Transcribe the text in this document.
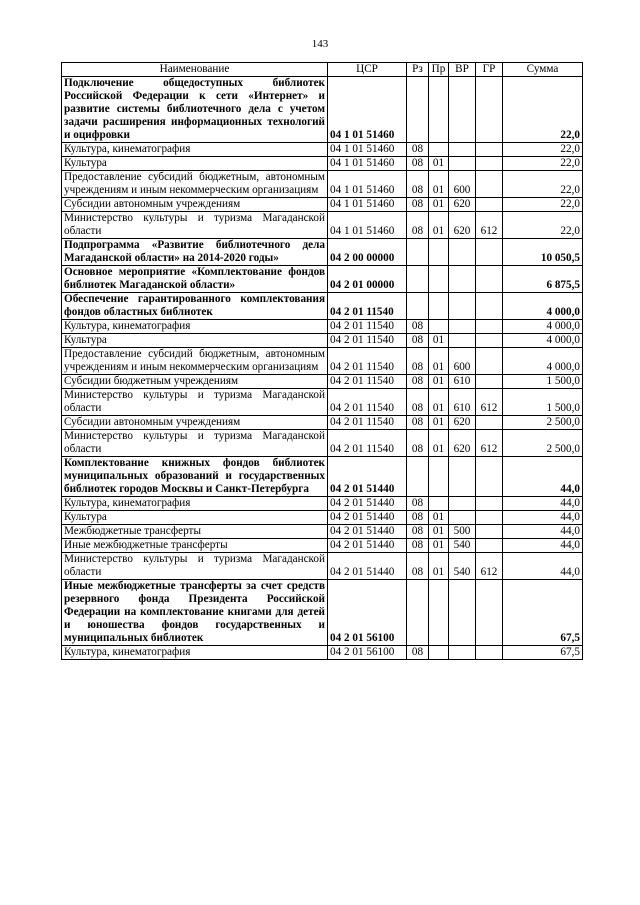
143
Наименование	ЦСР	Рз	Пр	ВР	ГР	Сумма
Подключение общедоступных библиотек Российской Федерации к сети «Интернет» и развитие системы библиотечного дела с учетом задачи расширения информационных технологий и оцифровки	04 1 01 51460					22,0
Культура, кинематография	04 1 01 51460	08				22,0
Культура	04 1 01 51460	08	01			22,0
Предоставление субсидий бюджетным, автономным учреждениям и иным некоммерческим организациям	04 1 01 51460	08	01	600		22,0
Субсидии автономным учреждениям	04 1 01 51460	08	01	620		22,0
Министерство культуры и туризма Магаданской области	04 1 01 51460	08	01	620	612	22,0
Подпрограмма «Развитие библиотечного дела Магаданской области» на 2014-2020 годы»	04 2 00 00000					10 050,5
Основное мероприятие «Комплектование фондов библиотек Магаданской области»	04 2 01 00000					6 875,5
Обеспечение гарантированного комплектования фондов областных библиотек	04 2 01 11540					4 000,0
Культура, кинематография	04 2 01 11540	08				4 000,0
Культура	04 2 01 11540	08	01			4 000,0
Предоставление субсидий бюджетным, автономным учреждениям и иным некоммерческим организациям	04 2 01 11540	08	01	600		4 000,0
Субсидии бюджетным учреждениям	04 2 01 11540	08	01	610		1 500,0
Министерство культуры и туризма Магаданской области	04 2 01 11540	08	01	610	612	1 500,0
Субсидии автономным учреждениям	04 2 01 11540	08	01	620		2 500,0
Министерство культуры и туризма Магаданской области	04 2 01 11540	08	01	620	612	2 500,0
Комплектование книжных фондов библиотек муниципальных образований и государственных библиотек городов Москвы и Санкт-Петербурга	04 2 01 51440					44,0
Культура, кинематография	04 2 01 51440	08				44,0
Культура	04 2 01 51440	08	01			44,0
Межбюджетные трансферты	04 2 01 51440	08	01	500		44,0
Иные межбюджетные трансферты	04 2 01 51440	08	01	540		44,0
Министерство культуры и туризма Магаданской области	04 2 01 51440	08	01	540	612	44,0
Иные межбюджетные трансферты за счет средств резервного фонда Президента Российской Федерации на комплектование книгами для детей и юношества фондов государственных и муниципальных библиотек	04 2 01 56100					67,5
Культура, кинематография	04 2 01 56100	08				67,5
